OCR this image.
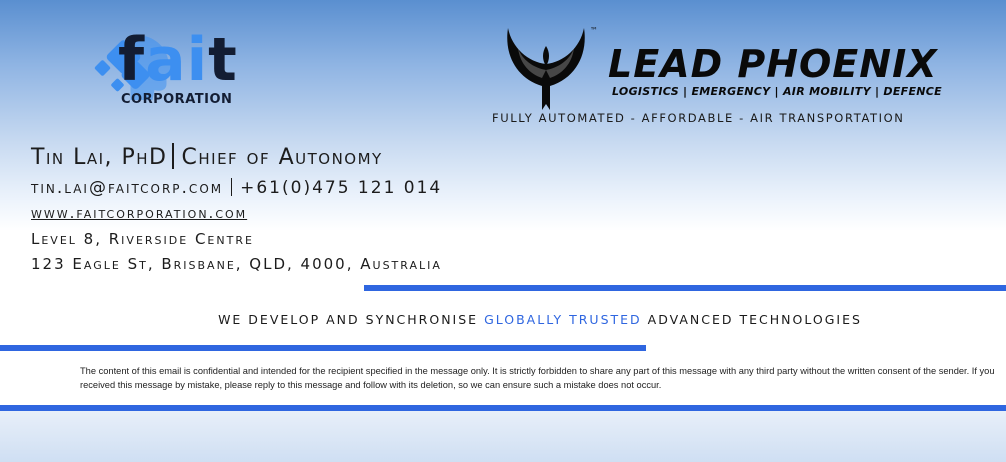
fait
CORPORATION
™
LEAD PHOENIX
LOGISTICS | EMERGENCY | AIR MOBILITY | DEFENCE
FULLY AUTOMATED - AFFORDABLE - AIR TRANSPORTATION
Tin Lai, PhD Chief of Autonomy
tin.lai@faitcorp.com +61(0)475 121 014
www.faitcorporation.com
Level 8, Riverside Centre
123 Eagle St, Brisbane, QLD, 4000, Australia
WE DEVELOP AND SYNCHRONISE GLOBALLY TRUSTED ADVANCED TECHNOLOGIES
The content of this email is confidential and intended for the recipient specified in the message only. It is strictly forbidden to share any part of this message with any third party without the written consent of the sender. If you received this message by mistake, please reply to this message and follow with its deletion, so we can ensure such a mistake does not occur.
